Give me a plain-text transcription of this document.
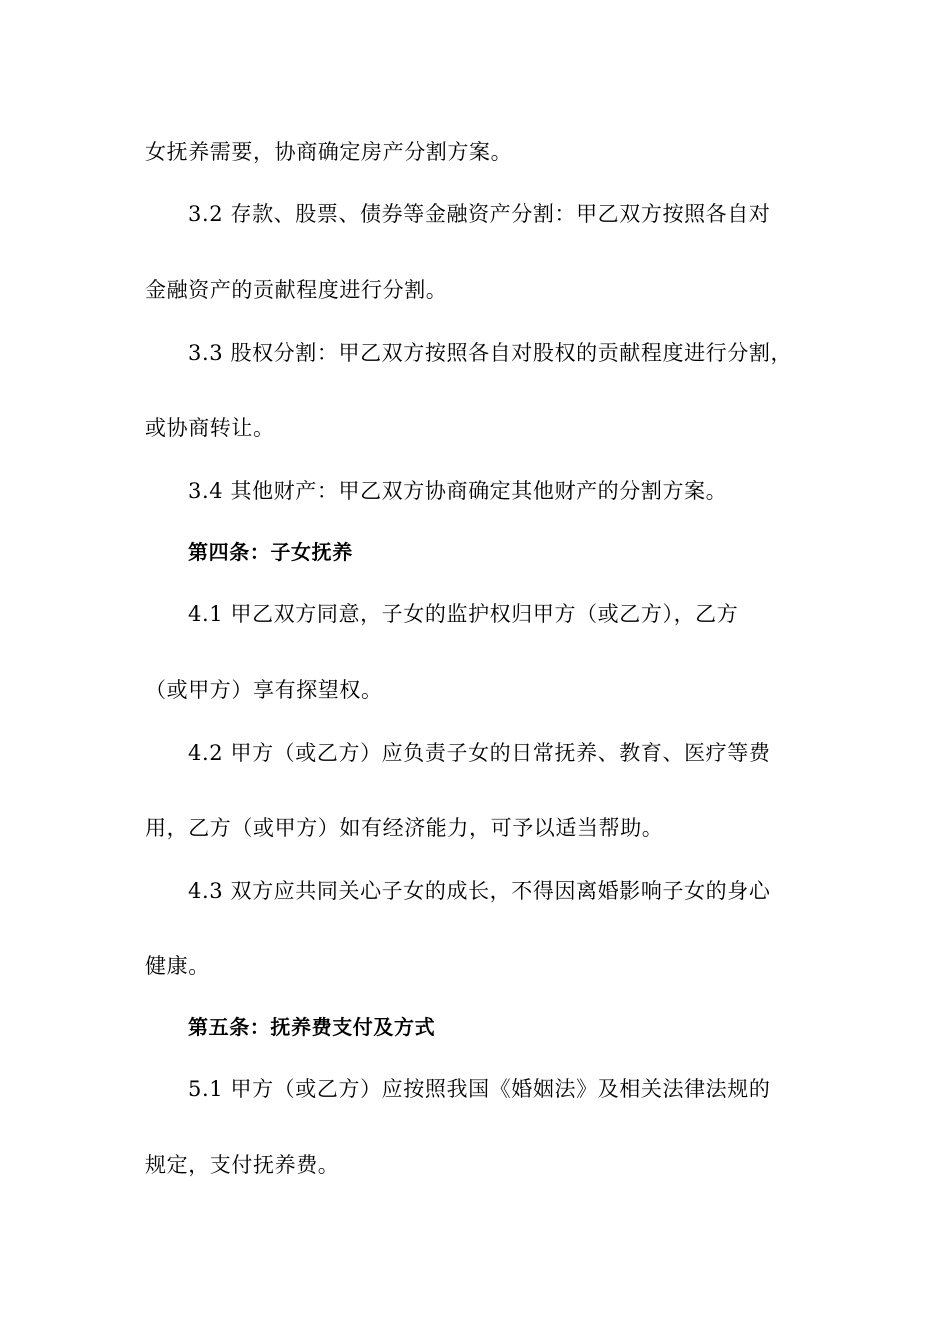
女抚养需要，协商确定房产分割方案。
3.2 存款、股票、债券等金融资产分割：甲乙双方按照各自对
金融资产的贡献程度进行分割。
3.3 股权分割：甲乙双方按照各自对股权的贡献程度进行分割，
或协商转让。
3.4 其他财产：甲乙双方协商确定其他财产的分割方案。
第四条：子女抚养
4.1 甲乙双方同意，子女的监护权归甲方（或乙方），乙方
（或甲方）享有探望权。
4.2 甲方（或乙方）应负责子女的日常抚养、教育、医疗等费
用，乙方（或甲方）如有经济能力，可予以适当帮助。
4.3 双方应共同关心子女的成长，不得因离婚影响子女的身心
健康。
第五条：抚养费支付及方式
5.1 甲方（或乙方）应按照我国《婚姻法》及相关法律法规的
规定，支付抚养费。
